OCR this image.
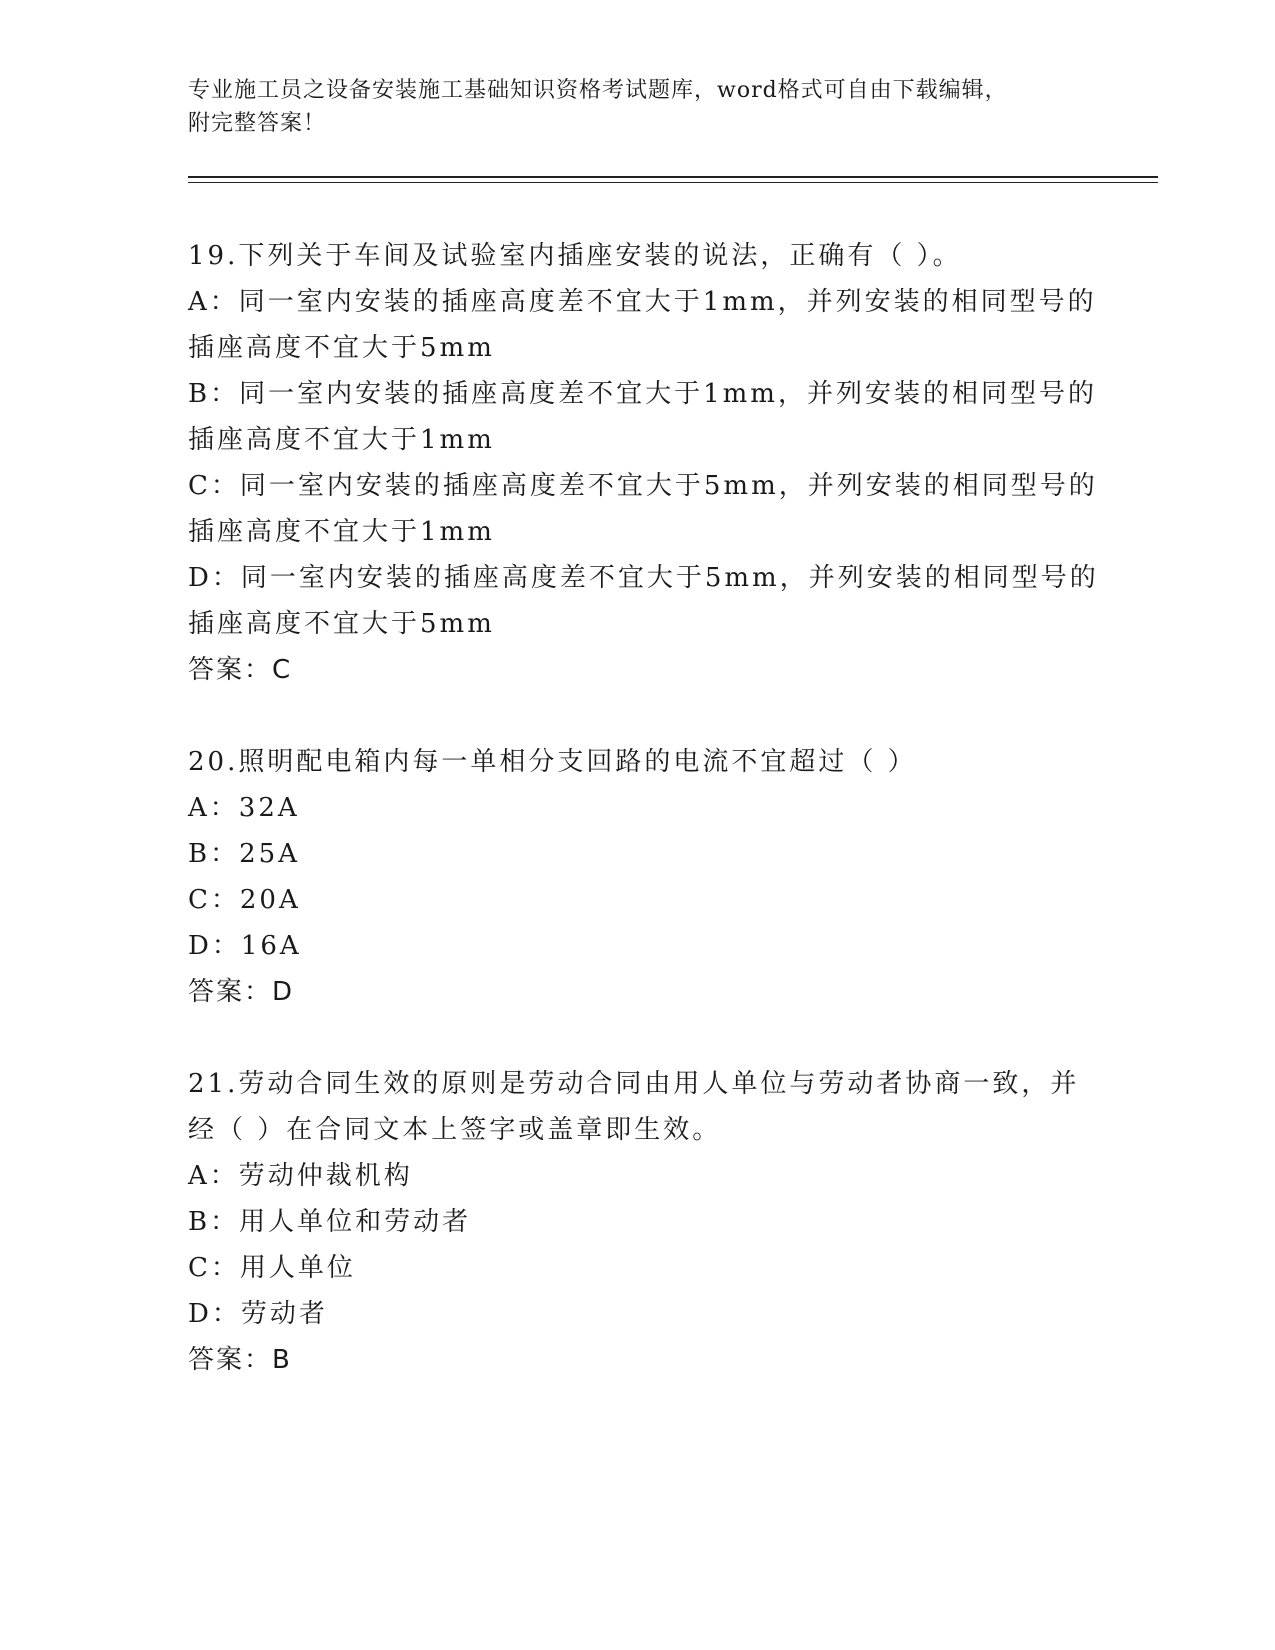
专业施工员之设备安装施工基础知识资格考试题库，word格式可自由下载编辑，
附完整答案！
19.下列关于车间及试验室内插座安装的说法，正确有（ ）。
A：同一室内安装的插座高度差不宜大于1mm，并列安装的相同型号的
插座高度不宜大于5mm
B：同一室内安装的插座高度差不宜大于1mm，并列安装的相同型号的
插座高度不宜大于1mm
C：同一室内安装的插座高度差不宜大于5mm，并列安装的相同型号的
插座高度不宜大于1mm
D：同一室内安装的插座高度差不宜大于5mm，并列安装的相同型号的
插座高度不宜大于5mm
答案：C
20.照明配电箱内每一单相分支回路的电流不宜超过（ ）
A：32A
B：25A
C：20A
D：16A
答案：D
21.劳动合同生效的原则是劳动合同由用人单位与劳动者协商一致，并
经（ ）在合同文本上签字或盖章即生效。
A：劳动仲裁机构
B：用人单位和劳动者
C：用人单位
D：劳动者
答案：B
